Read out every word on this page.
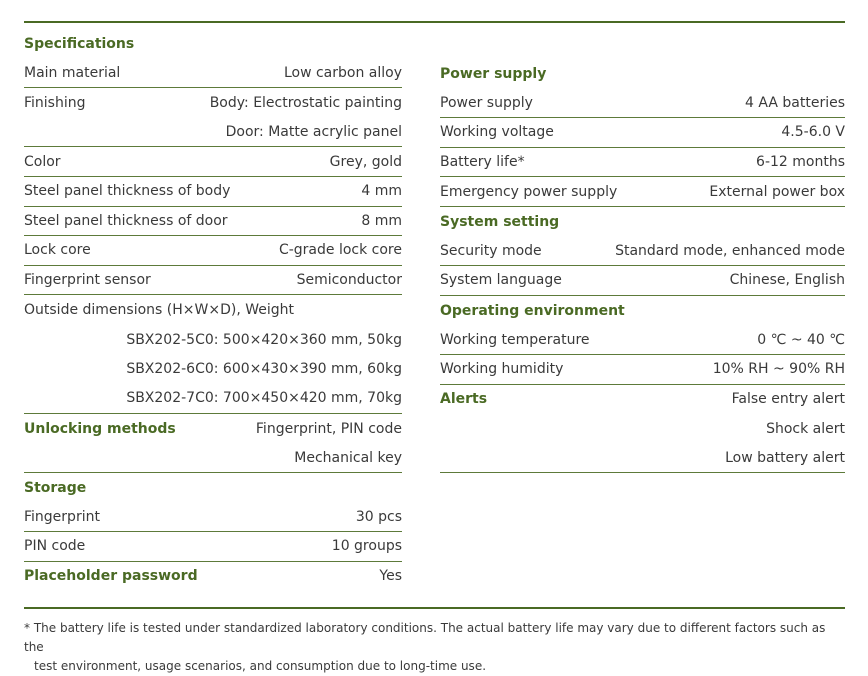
Specifications
Main material	Low carbon alloy
Finishing	Body: Electrostatic painting
Door: Matte acrylic panel
Color	Grey, gold
Steel panel thickness of body	4 mm
Steel panel thickness of door	8 mm
Lock core	C-grade lock core
Fingerprint sensor	Semiconductor
Outside dimensions (H×W×D), Weight
SBX202-5C0: 500×420×360 mm, 50kg
SBX202-6C0: 600×430×390 mm, 60kg
SBX202-7C0: 700×450×420 mm, 70kg
Unlocking methods	Fingerprint, PIN code
Mechanical key
Storage
Fingerprint	30 pcs
PIN code	10 groups
Placeholder password	Yes
Power supply
Power supply	4 AA batteries
Working voltage	4.5-6.0 V
Battery life*	6-12 months
Emergency power supply	External power box
System setting
Security mode	Standard mode, enhanced mode
System language	Chinese, English
Operating environment
Working temperature	0 ℃ ~ 40 ℃
Working humidity	10% RH ~ 90% RH
Alerts	False entry alert
Shock alert
Low battery alert
* The battery life is tested under standardized laboratory conditions. The actual battery life may vary due to different factors such as the
test environment, usage scenarios, and consumption due to long-time use.
